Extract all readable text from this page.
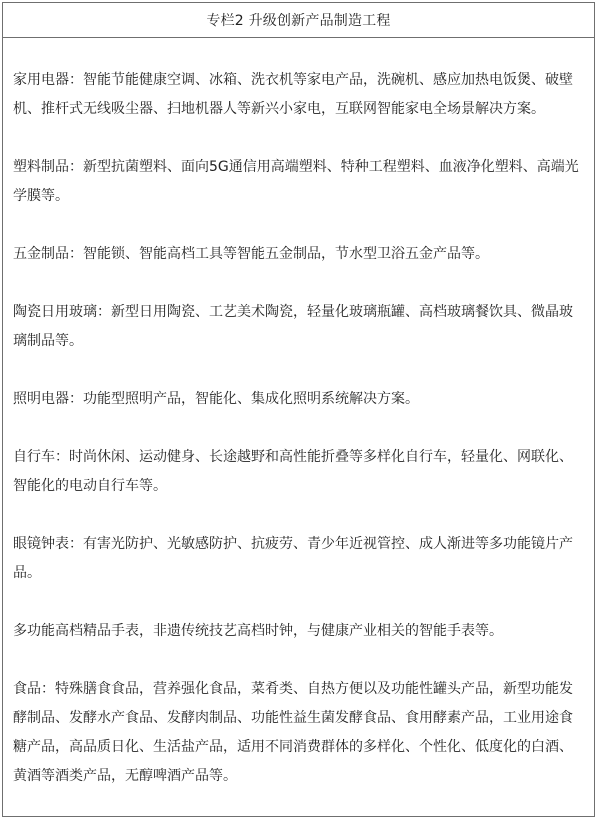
专栏2 升级创新产品制造工程

家用电器：智能节能健康空调、冰箱、洗衣机等家电产品，洗碗机、感应加热电饭煲、破壁机、推杆式无线吸尘器、扫地机器人等新兴小家电，互联网智能家电全场景解决方案。

塑料制品：新型抗菌塑料、面向5G通信用高端塑料、特种工程塑料、血液净化塑料、高端光学膜等。

五金制品：智能锁、智能高档工具等智能五金制品，节水型卫浴五金产品等。

陶瓷日用玻璃：新型日用陶瓷、工艺美术陶瓷，轻量化玻璃瓶罐、高档玻璃餐饮具、微晶玻璃制品等。

照明电器：功能型照明产品，智能化、集成化照明系统解决方案。

自行车：时尚休闲、运动健身、长途越野和高性能折叠等多样化自行车，轻量化、网联化、智能化的电动自行车等。

眼镜钟表：有害光防护、光敏感防护、抗疲劳、青少年近视管控、成人渐进等多功能镜片产品。

多功能高档精品手表，非遗传统技艺高档时钟，与健康产业相关的智能手表等。

食品：特殊膳食食品，营养强化食品，菜肴类、自热方便以及功能性罐头产品，新型功能发酵制品、发酵水产食品、发酵肉制品、功能性益生菌发酵食品、食用酵素产品，工业用途食糖产品，高品质日化、生活盐产品，适用不同消费群体的多样化、个性化、低度化的白酒、黄酒等酒类产品，无醇啤酒产品等。
